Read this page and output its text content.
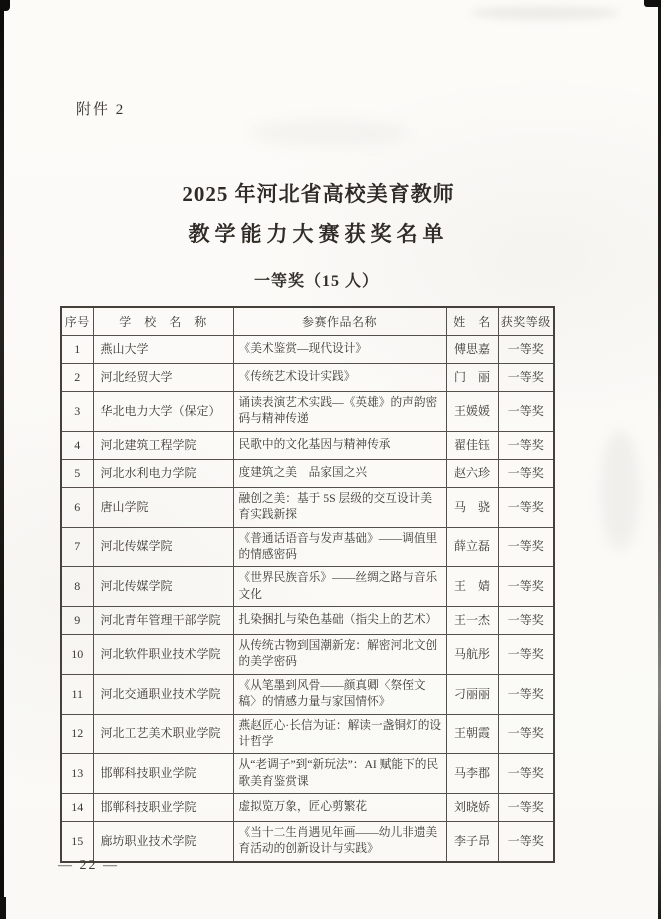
附件 2
2025 年河北省高校美育教师
教学能力大赛获奖名单
一等奖（15 人）
序号	学　校　名　称	参赛作品名称	姓　名	获奖等级
1	燕山大学	《美术鉴赏—现代设计》	傅思嘉	一等奖
2	河北经贸大学	《传统艺术设计实践》	门　丽	一等奖
3	华北电力大学（保定）	诵读表演艺术实践—《英雄》的声韵密码与精神传递	王媛媛	一等奖
4	河北建筑工程学院	民歌中的文化基因与精神传承	翟佳钰	一等奖
5	河北水利电力学院	度建筑之美　品家国之兴	赵六珍	一等奖
6	唐山学院	融创之美：基于 5S 层级的交互设计美育实践新探	马　骁	一等奖
7	河北传媒学院	《普通话语音与发声基础》——调值里的情感密码	薛立磊	一等奖
8	河北传媒学院	《世界民族音乐》——丝绸之路与音乐文化	王　婧	一等奖
9	河北青年管理干部学院	扎染捆扎与染色基础（指尖上的艺术）	王一杰	一等奖
10	河北软件职业技术学院	从传统古物到国潮新宠：解密河北文创的美学密码	马航彤	一等奖
11	河北交通职业技术学院	《从笔墨到风骨——颜真卿〈祭侄文稿〉的情感力量与家国情怀》	刁丽丽	一等奖
12	河北工艺美术职业学院	燕赵匠心·长信为证：解读一盏铜灯的设计哲学	王朝霞	一等奖
13	邯郸科技职业学院	从“老调子”到“新玩法”：AI 赋能下的民歌美育鉴赏课	马李郡	一等奖
14	邯郸科技职业学院	虚拟览万象，匠心剪繁花	刘晓娇	一等奖
15	廊坊职业技术学院	《当十二生肖遇见年画——幼儿非遗美育活动的创新设计与实践》	李子昂	一等奖
— 22 —
